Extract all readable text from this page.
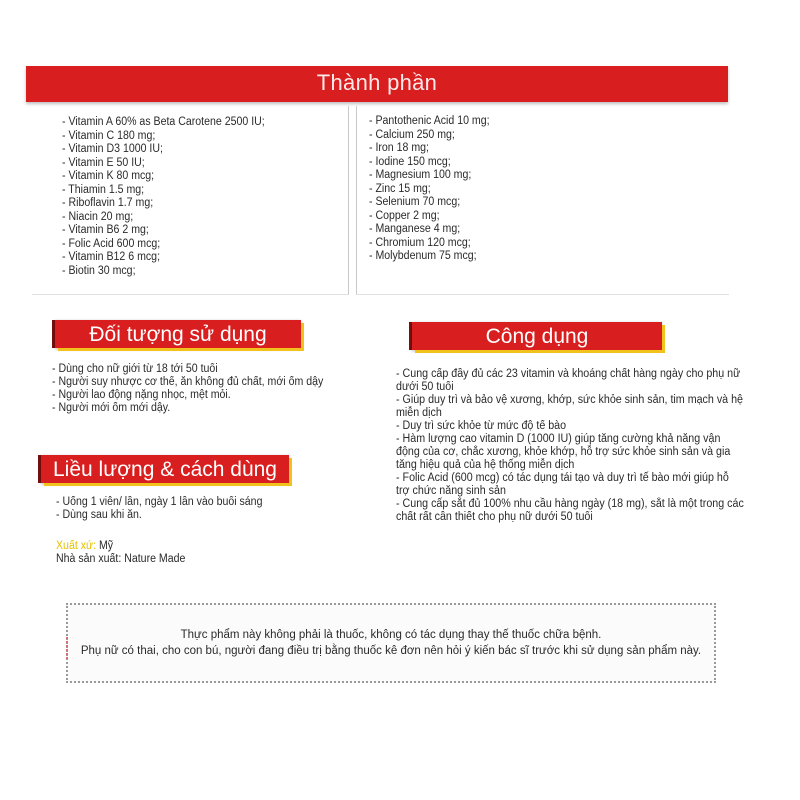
Thành phần
- Vitamin A 60% as Beta Carotene 2500 IU;
- Vitamin C 180 mg;
- Vitamin D3 1000 IU;
- Vitamin E 50 IU;
- Vitamin K 80 mcg;
- Thiamin 1.5 mg;
- Riboflavin 1.7 mg;
- Niacin 20 mg;
- Vitamin B6 2 mg;
- Folic Acid 600 mcg;
- Vitamin B12 6 mcg;
- Biotin 30 mcg;
- Pantothenic Acid 10 mg;
- Calcium 250 mg;
- Iron 18 mg;
- Iodine 150 mcg;
- Magnesium 100 mg;
- Zinc 15 mg;
- Selenium 70 mcg;
- Copper 2 mg;
- Manganese 4 mg;
- Chromium 120 mcg;
- Molybdenum 75 mcg;
Đối tượng sử dụng
- Dùng cho nữ giới từ 18 tới 50 tuổi
- Người suy nhược cơ thể, ăn không đủ chất, mới ốm dậy
- Người lao động nặng nhọc, mệt mỏi.
- Người mới ốm mới dậy.
Liều lượng & cách dùng
- Uống 1 viên/ lần, ngày 1 lần vào buổi sáng
- Dùng sau khi ăn.
Xuất xứ: Mỹ
Nhà sản xuất: Nature Made
Công dụng
- Cung cấp đầy đủ các 23 vitamin và khoáng chất hàng ngày cho phụ nữ
dưới 50 tuổi
- Giúp duy trì và bảo vệ xương, khớp, sức khỏe sinh sản, tim mạch và hệ
miễn dịch
- Duy trì sức khỏe từ mức độ tế bào
- Hàm lượng cao vitamin D (1000 IU) giúp tăng cường khả năng vận
động của cơ, chắc xương, khỏe khớp, hỗ trợ sức khỏe sinh sản và gia
tăng hiệu quả của hệ thống miễn dịch
- Folic Acid (600 mcg) có tác dụng tái tạo và duy trì tế bào mới giúp hỗ
trợ chức năng sinh sản
- Cung cấp sắt đủ 100% nhu cầu hàng ngày (18 mg), sắt là một trong các
chất rất cần thiết cho phụ nữ dưới 50 tuổi
Thực phẩm này không phải là thuốc, không có tác dụng thay thế thuốc chữa bệnh.
Phụ nữ có thai, cho con bú, người đang điều trị bằng thuốc kê đơn nên hỏi ý kiến bác sĩ trước khi sử dụng sản phẩm này.
